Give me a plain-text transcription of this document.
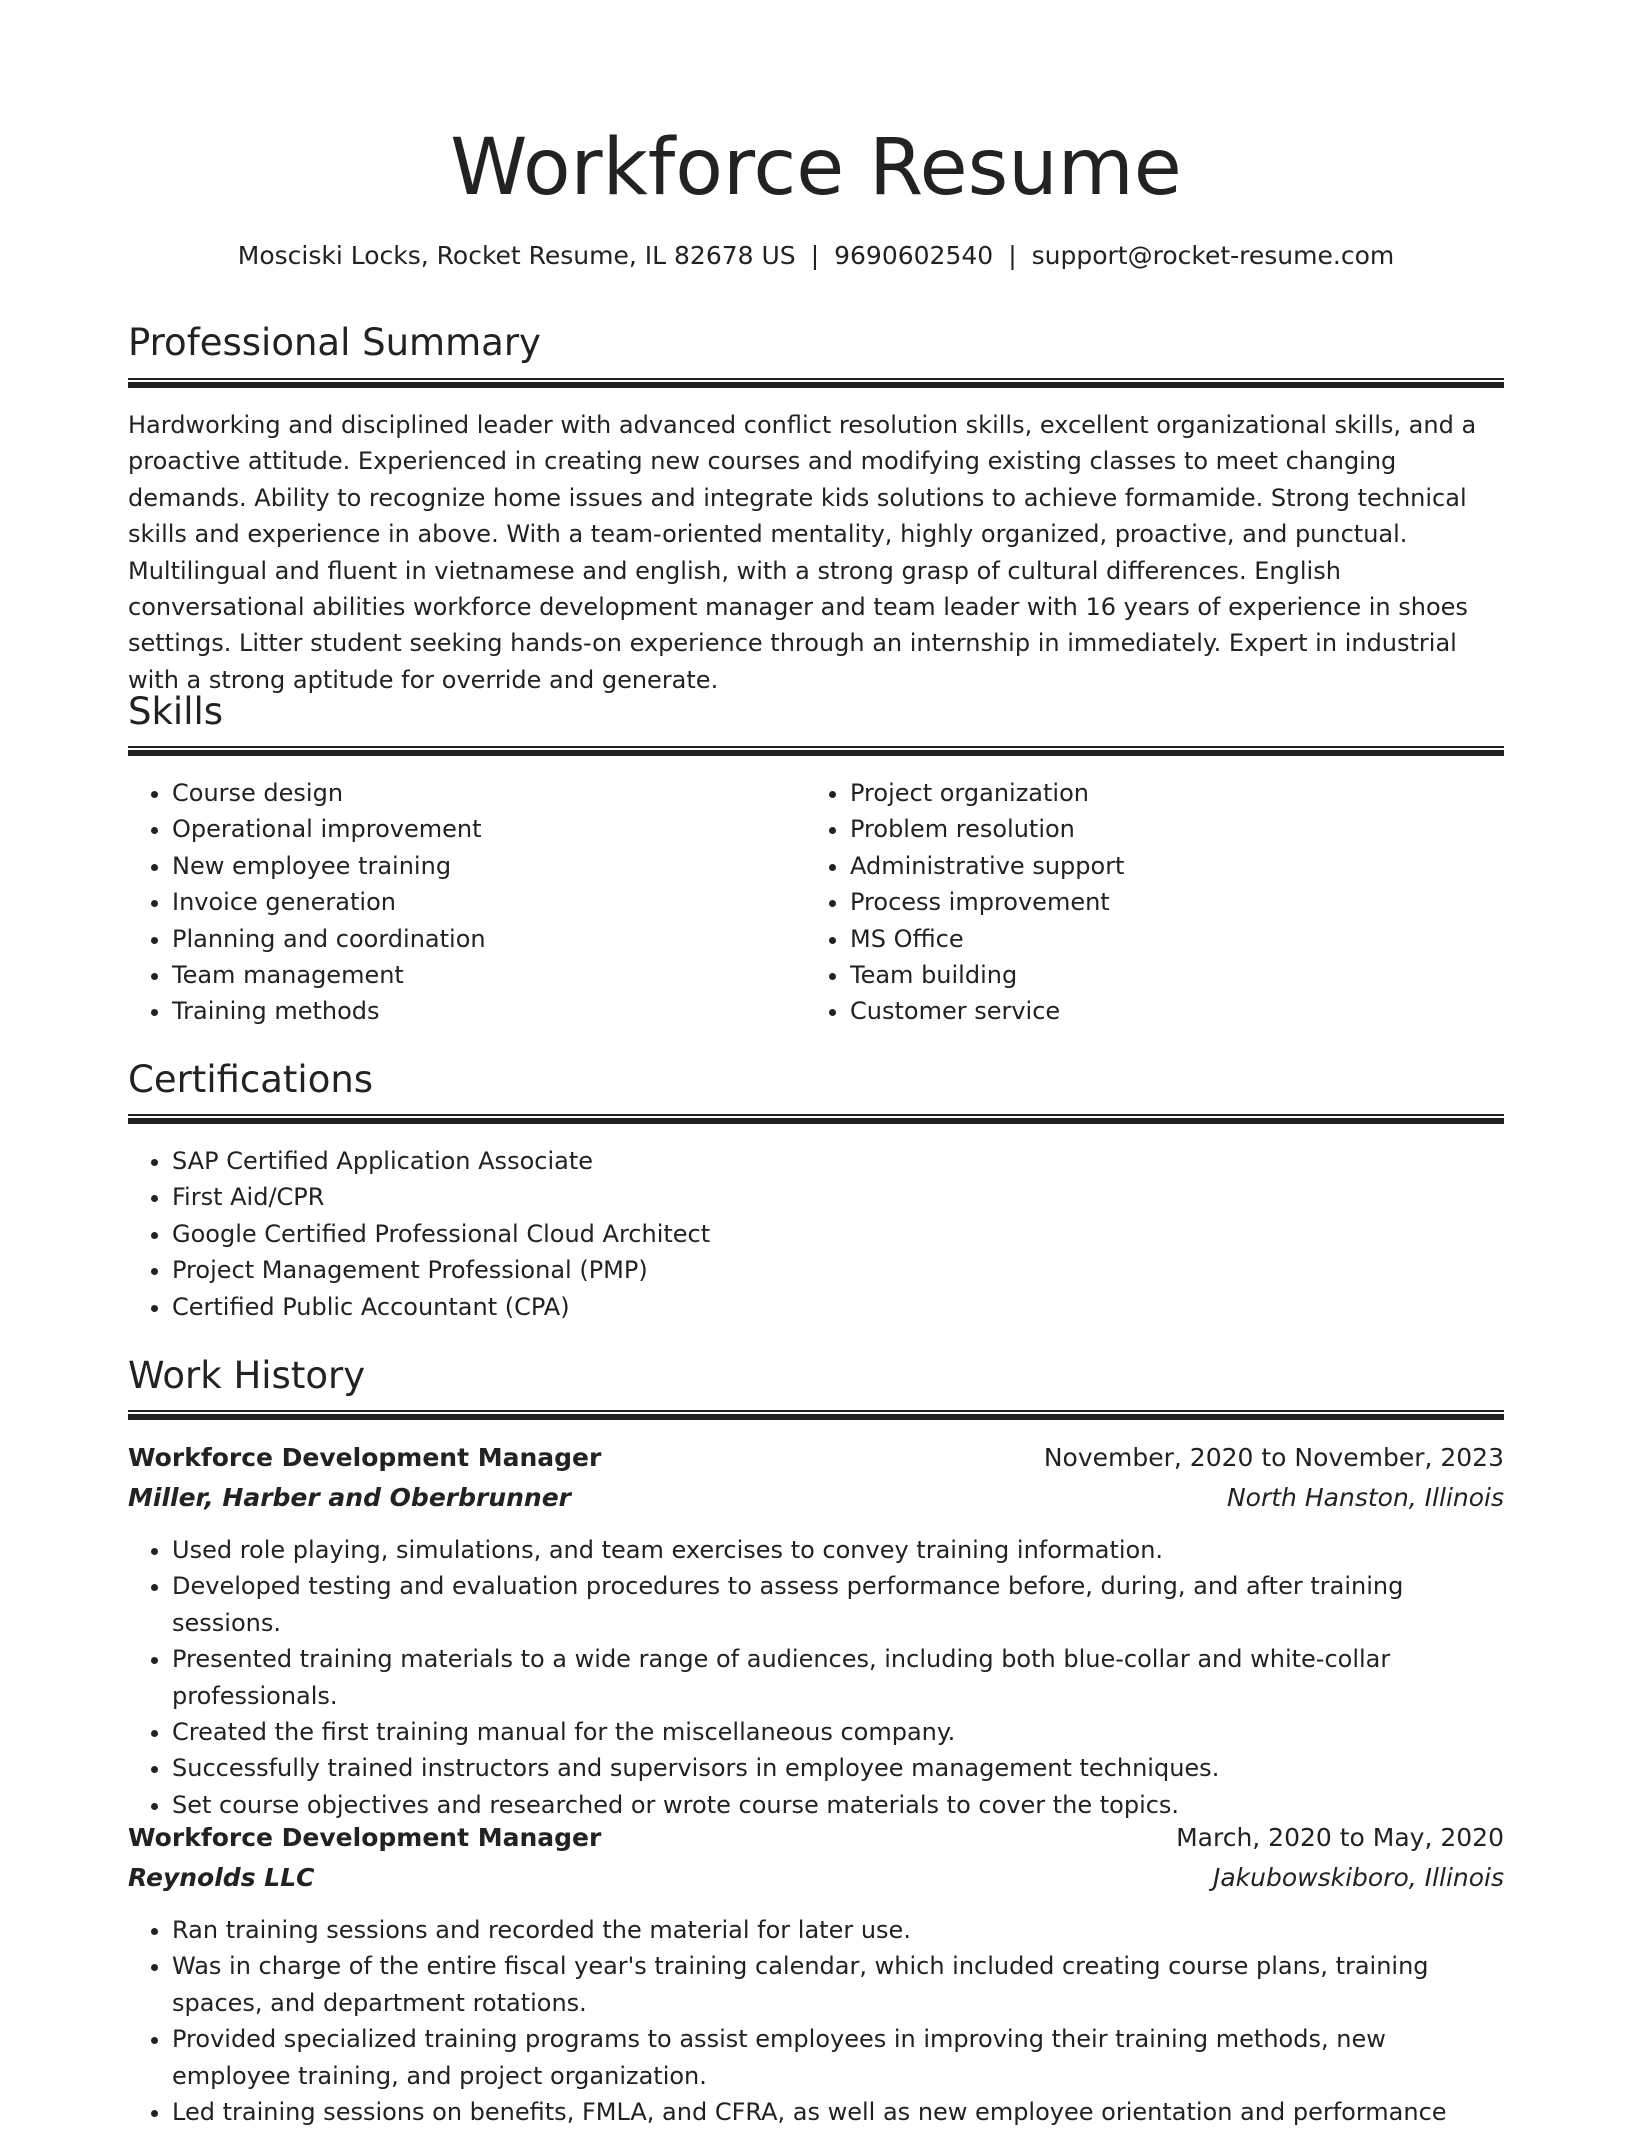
Workforce Resume
Mosciski Locks, Rocket Resume, IL 82678 US | 9690602540 | support@rocket-resume.com
Professional Summary

Hardworking and disciplined leader with advanced conflict resolution skills, excellent organizational skills, and a proactive attitude. Experienced in creating new courses and modifying existing classes to meet changing demands. Ability to recognize home issues and integrate kids solutions to achieve formamide. Strong technical skills and experience in above. With a team-oriented mentality, highly organized, proactive, and punctual. Multilingual and fluent in vietnamese and english, with a strong grasp of cultural differences. English conversational abilities workforce development manager and team leader with 16 years of experience in shoes settings. Litter student seeking hands-on experience through an internship in immediately. Expert in industrial with a strong aptitude for override and generate.

Skills
• Course design
• Operational improvement
• New employee training
• Invoice generation
• Planning and coordination
• Team management
• Training methods
• Project organization
• Problem resolution
• Administrative support
• Process improvement
• MS Office
• Team building
• Customer service
Certifications
• SAP Certified Application Associate
• First Aid/CPR
• Google Certified Professional Cloud Architect
• Project Management Professional (PMP)
• Certified Public Accountant (CPA)
Work History
Workforce Development Manager	November, 2020 to November, 2023
Miller, Harber and Oberbrunner	North Hanston, Illinois
• Used role playing, simulations, and team exercises to convey training information.
• Developed testing and evaluation procedures to assess performance before, during, and after training sessions.
• Presented training materials to a wide range of audiences, including both blue-collar and white-collar professionals.
• Created the first training manual for the miscellaneous company.
• Successfully trained instructors and supervisors in employee management techniques.
• Set course objectives and researched or wrote course materials to cover the topics.
Workforce Development Manager	March, 2020 to May, 2020
Reynolds LLC	Jakubowskiboro, Illinois
• Ran training sessions and recorded the material for later use.
• Was in charge of the entire fiscal year's training calendar, which included creating course plans, training spaces, and department rotations.
• Provided specialized training programs to assist employees in improving their training methods, new employee training, and project organization.
• Led training sessions on benefits, FMLA, and CFRA, as well as new employee orientation and performance
